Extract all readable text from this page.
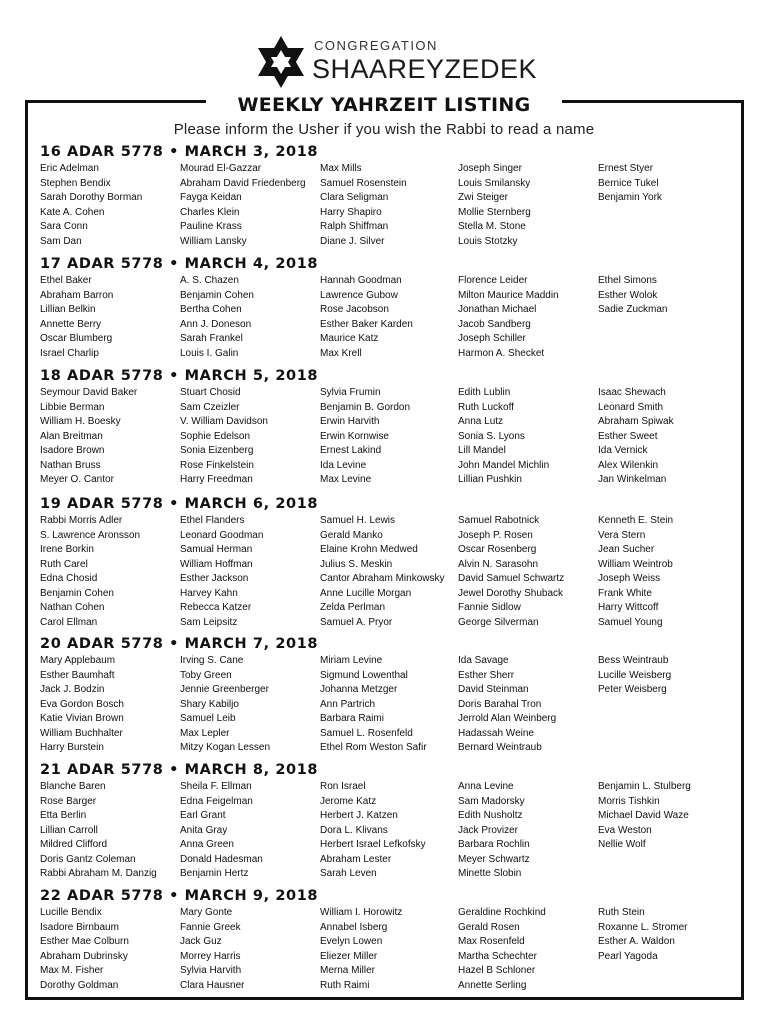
CONGREGATION
SHAAREYZEDEK
WEEKLY YAHRZEIT LISTING
Please inform the Usher if you wish the Rabbi to read a name
16 ADAR 5778 • MARCH 3, 2018
Eric Adelman
Stephen Bendix
Sarah Dorothy Borman
Kate A. Cohen
Sara Conn
Sam Dan
Mourad El-Gazzar
Abraham David Friedenberg
Fayga Keidan
Charles Klein
Pauline Krass
William Lansky
Max Mills
Samuel Rosenstein
Clara Seligman
Harry Shapiro
Ralph Shiffman
Diane J. Silver
Joseph Singer
Louis Smilansky
Zwi Steiger
Mollie Sternberg
Stella M. Stone
Louis Stotzky
Ernest Styer
Bernice Tukel
Benjamin York
17 ADAR 5778 • MARCH 4, 2018
Ethel Baker
Abraham Barron
Lillian Belkin
Annette Berry
Oscar Blumberg
Israel Charlip
A. S. Chazen
Benjamin Cohen
Bertha Cohen
Ann J. Doneson
Sarah Frankel
Louis I. Galin
Hannah Goodman
Lawrence Gubow
Rose Jacobson
Esther Baker Karden
Maurice Katz
Max Krell
Florence Leider
Milton Maurice Maddin
Jonathan Michael
Jacob Sandberg
Joseph Schiller
Harmon A. Shecket
Ethel Simons
Esther Wolok
Sadie Zuckman
18 ADAR 5778 • MARCH 5, 2018
Seymour David Baker
Libbie Berman
William H. Boesky
Alan Breitman
Isadore Brown
Nathan Bruss
Meyer O. Cantor
Stuart Chosid
Sam Czeizler
V. William Davidson
Sophie Edelson
Sonia Eizenberg
Rose Finkelstein
Harry Freedman
Sylvia Frumin
Benjamin B. Gordon
Erwin Harvith
Erwin Kornwise
Ernest Lakind
Ida Levine
Max Levine
Edith Lublin
Ruth Luckoff
Anna Lutz
Sonia S. Lyons
Lill Mandel
John Mandel Michlin
Lillian Pushkin
Isaac Shewach
Leonard Smith
Abraham Spiwak
Esther Sweet
Ida Vernick
Alex Wilenkin
Jan Winkelman
19 ADAR 5778 • MARCH 6, 2018
Rabbi Morris Adler
S. Lawrence Aronsson
Irene Borkin
Ruth Carel
Edna Chosid
Benjamin Cohen
Nathan Cohen
Carol Ellman
Ethel Flanders
Leonard Goodman
Samual Herman
William Hoffman
Esther Jackson
Harvey Kahn
Rebecca Katzer
Sam Leipsitz
Samuel H. Lewis
Gerald Manko
Elaine Krohn Medwed
Julius S. Meskin
Cantor Abraham Minkowsky
Anne Lucille Morgan
Zelda Perlman
Samuel A. Pryor
Samuel Rabotnick
Joseph P. Rosen
Oscar Rosenberg
Alvin N. Sarasohn
David Samuel Schwartz
Jewel Dorothy Shuback
Fannie Sidlow
George Silverman
Kenneth E. Stein
Vera Stern
Jean Sucher
William Weintrob
Joseph Weiss
Frank White
Harry Wittcoff
Samuel Young
20 ADAR 5778 • MARCH 7, 2018
Mary Applebaum
Esther Baumhaft
Jack J. Bodzin
Eva Gordon Bosch
Katie Vivian Brown
William Buchhalter
Harry Burstein
Irving S. Cane
Toby Green
Jennie Greenberger
Shary Kabiljo
Samuel Leib
Max Lepler
Mitzy Kogan Lessen
Miriam Levine
Sigmund Lowenthal
Johanna Metzger
Ann Partrich
Barbara Raimi
Samuel L. Rosenfeld
Ethel Rom Weston Safir
Ida Savage
Esther Sherr
David Steinman
Doris Barahal Tron
Jerrold Alan Weinberg
Hadassah Weine
Bernard Weintraub
Bess Weintraub
Lucille Weisberg
Peter Weisberg
21 ADAR 5778 • MARCH 8, 2018
Blanche Baren
Rose Barger
Etta Berlin
Lillian Carroll
Mildred Clifford
Doris Gantz Coleman
Rabbi Abraham M. Danzig
Sheila F. Ellman
Edna Feigelman
Earl Grant
Anita Gray
Anna Green
Donald Hadesman
Benjamin Hertz
Ron Israel
Jerome Katz
Herbert J. Katzen
Dora L. Klivans
Herbert Israel Lefkofsky
Abraham Lester
Sarah Leven
Anna Levine
Sam Madorsky
Edith Nusholtz
Jack Provizer
Barbara Rochlin
Meyer Schwartz
Minette Slobin
Benjamin L. Stulberg
Morris Tishkin
Michael David Waze
Eva Weston
Nellie Wolf
22 ADAR 5778 • MARCH 9, 2018
Lucille Bendix
Isadore Birnbaum
Esther Mae Colburn
Abraham Dubrinsky
Max M. Fisher
Dorothy Goldman
Mary Gonte
Fannie Greek
Jack Guz
Morrey Harris
Sylvia Harvith
Clara Hausner
William I. Horowitz
Annabel Isberg
Evelyn Lowen
Eliezer Miller
Merna Miller
Ruth Raimi
Geraldine Rochkind
Gerald Rosen
Max Rosenfeld
Martha Schechter
Hazel B Schloner
Annette Serling
Ruth Stein
Roxanne L. Stromer
Esther A. Waldon
Pearl Yagoda
